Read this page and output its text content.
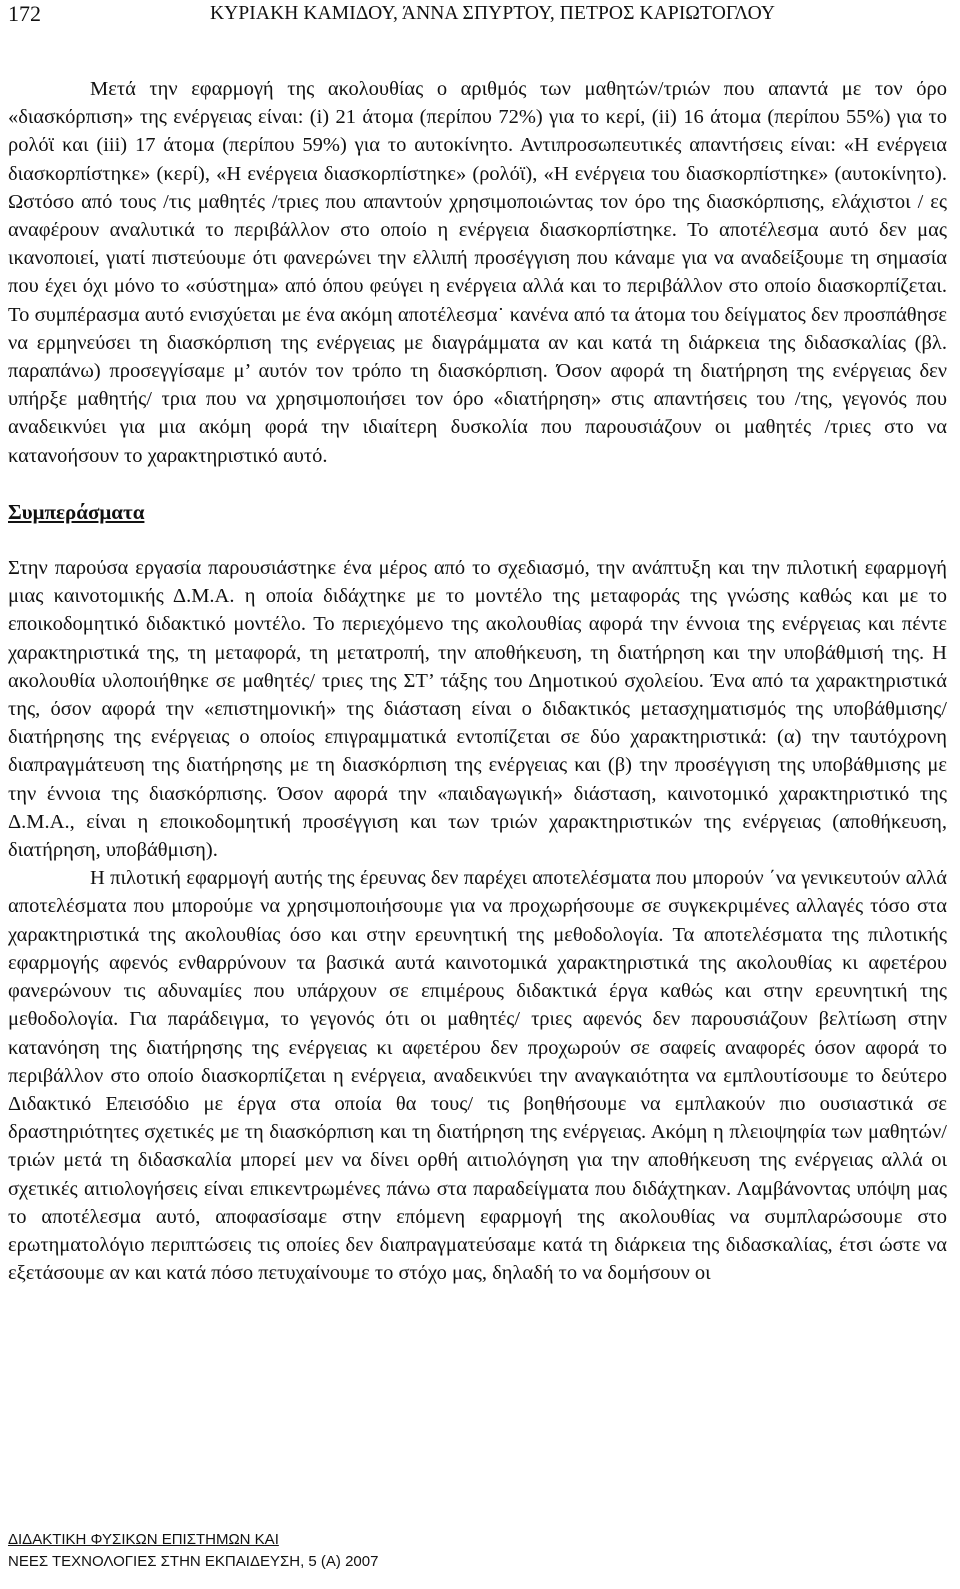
172	ΚΥΡΙΑΚΗ ΚΑΜΙΔΟΥ, ΆΝΝΑ ΣΠΥΡΤΟΥ, ΠΕΤΡΟΣ ΚΑΡΙΩΤΟΓΛΟΥ

Μετά την εφαρμογή της ακολουθίας ο αριθμός των μαθητών/τριών που απαντά με τον όρο «διασκόρπιση» της ενέργειας είναι: (i) 21 άτομα (περίπου 72%) για το κερί, (ii) 16 άτομα (περίπου 55%) για το ρολόϊ και (iii) 17 άτομα (περίπου 59%) για το αυτοκίνητο. Αντιπροσωπευτικές απαντήσεις είναι: «Η ενέργεια διασκορπίστηκε» (κερί), «Η ενέργεια διασκορπίστηκε» (ρολόϊ), «Η ενέργεια του διασκορπίστηκε» (αυτοκίνητο). Ωστόσο από τους /τις μαθητές /τριες που απαντούν χρησιμοποιώντας τον όρο της διασκόρπισης, ελάχιστοι / ες αναφέρουν αναλυτικά το περιβάλλον στο οποίο η ενέργεια διασκορπίστηκε. Το αποτέλεσμα αυτό δεν μας ικανοποιεί, γιατί πιστεύουμε ότι φανερώνει την ελλιπή προσέγγιση που κάναμε για να αναδείξουμε τη σημασία που έχει όχι μόνο το «σύστημα» από όπου φεύγει η ενέργεια αλλά και το περιβάλλον στο οποίο διασκορπίζεται. Το συμπέρασμα αυτό ενισχύεται με ένα ακόμη αποτέλεσμα˙ κανένα από τα άτομα του δείγματος δεν προσπάθησε να ερμηνεύσει τη διασκόρπιση της ενέργειας με διαγράμματα αν και κατά τη διάρκεια της διδασκαλίας (βλ. παραπάνω) προσεγγίσαμε μ’ αυτόν τον τρόπο τη διασκόρπιση. Όσον αφορά τη διατήρηση της ενέργειας δεν υπήρξε μαθητής/ τρια που να χρησιμοποιήσει τον όρο «διατήρηση» στις απαντήσεις του /της, γεγονός που αναδεικνύει για μια ακόμη φορά την ιδιαίτερη δυσκολία που παρουσιάζουν οι μαθητές /τριες στο να κατανοήσουν το χαρακτηριστικό αυτό.

Συμπεράσματα

Στην παρούσα εργασία παρουσιάστηκε ένα μέρος από το σχεδιασμό, την ανάπτυξη και την πιλοτική εφαρμογή μιας καινοτομικής Δ.Μ.Α. η οποία διδάχτηκε με το μοντέλο της μεταφοράς της γνώσης καθώς και με το εποικοδομητικό διδακτικό μοντέλο. Το περιεχόμενο της ακολουθίας αφορά την έννοια της ενέργειας και πέντε χαρακτηριστικά της, τη μεταφορά, τη μετατροπή, την αποθήκευση, τη διατήρηση και την υποβάθμισή της. Η ακολουθία υλοποιήθηκε σε μαθητές/ τριες της ΣΤ’ τάξης του Δημοτικού σχολείου. Ένα από τα χαρακτηριστικά της, όσον αφορά την «επιστημονική» της διάσταση είναι ο διδακτικός μετασχηματισμός της υποβάθμισης/διατήρησης της ενέργειας ο οποίος επιγραμματικά εντοπίζεται σε δύο χαρακτηριστικά: (α) την ταυτόχρονη διαπραγμάτευση της διατήρησης με τη διασκόρπιση της ενέργειας και (β) την προσέγγιση της υποβάθμισης με την έννοια της διασκόρπισης. Όσον αφορά την «παιδαγωγική» διάσταση, καινοτομικό χαρακτηριστικό της Δ.Μ.Α., είναι η εποικοδομητική προσέγγιση και των τριών χαρακτηριστικών της ενέργειας (αποθήκευση, διατήρηση, υποβάθμιση).

Η πιλοτική εφαρμογή αυτής της έρευνας δεν παρέχει αποτελέσματα που μπορούν ΄να γενικευτούν αλλά αποτελέσματα που μπορούμε να χρησιμοποιήσουμε για να προχωρήσουμε σε συγκεκριμένες αλλαγές τόσο στα χαρακτηριστικά της ακολουθίας όσο και στην ερευνητική της μεθοδολογία. Τα αποτελέσματα της πιλοτικής εφαρμογής αφενός ενθαρρύνουν τα βασικά αυτά καινοτομικά χαρακτηριστικά της ακολουθίας κι αφετέρου φανερώνουν τις αδυναμίες που υπάρχουν σε επιμέρους διδακτικά έργα καθώς και στην ερευνητική της μεθοδολογία. Για παράδειγμα, το γεγονός ότι οι μαθητές/ τριες αφενός δεν παρουσιάζουν βελτίωση στην κατανόηση της διατήρησης της ενέργειας κι αφετέρου δεν προχωρούν σε σαφείς αναφορές όσον αφορά το περιβάλλον στο οποίο διασκορπίζεται η ενέργεια, αναδεικνύει την αναγκαιότητα να εμπλουτίσουμε το δεύτερο Διδακτικό Επεισόδιο με έργα στα οποία θα τους/ τις βοηθήσουμε να εμπλακούν πιο ουσιαστικά σε δραστηριότητες σχετικές με τη διασκόρπιση και τη διατήρηση της ενέργειας. Ακόμη η πλειοψηφία των μαθητών/τριών μετά τη διδασκαλία μπορεί μεν να δίνει ορθή αιτιολόγηση για την αποθήκευση της ενέργειας αλλά οι σχετικές αιτιολογήσεις είναι επικεντρωμένες πάνω στα παραδείγματα που διδάχτηκαν. Λαμβάνοντας υπόψη μας το αποτέλεσμα αυτό, αποφασίσαμε στην επόμενη εφαρμογή της ακολουθίας να συμπλαρώσουμε στο ερωτηματολόγιο περιπτώσεις τις οποίες δεν διαπραγματεύσαμε κατά τη διάρκεια της διδασκαλίας, έτσι ώστε να εξετάσουμε αν και κατά πόσο πετυχαίνουμε το στόχο μας, δηλαδή το να δομήσουν οι

ΔΙΔΑΚΤΙΚΗ ΦΥΣΙΚΩΝ ΕΠΙΣΤΗΜΩΝ ΚΑΙ
ΝΕΕΣ ΤΕΧΝΟΛΟΓΙΕΣ ΣΤΗΝ ΕΚΠΑΙΔΕΥΣΗ, 5 (Α) 2007
